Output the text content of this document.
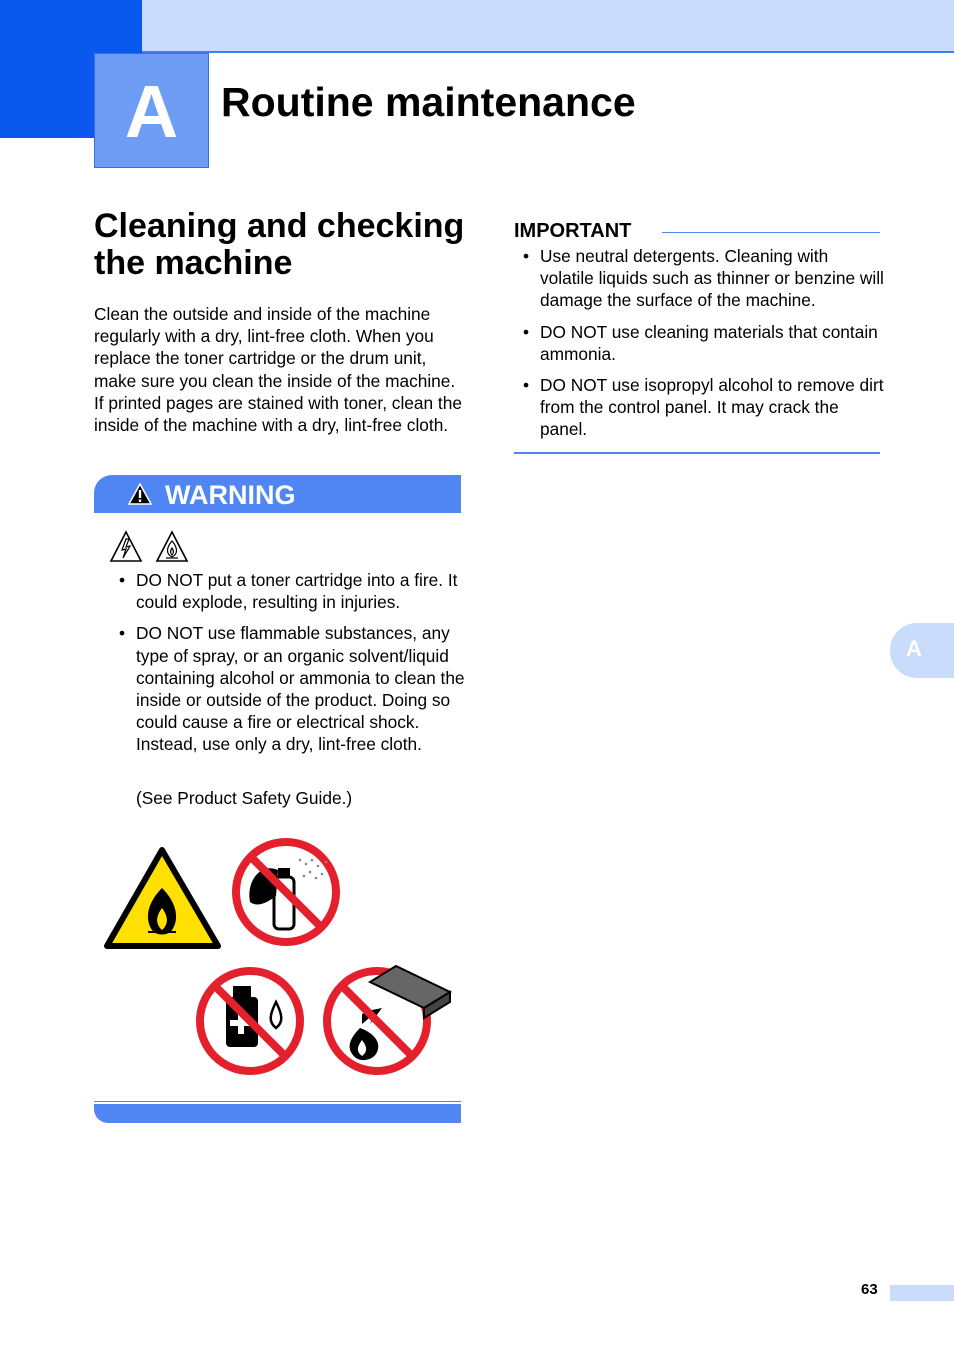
A	Routine maintenance
Cleaning and checking the machine

Clean the outside and inside of the machine regularly with a dry, lint-free cloth. When you replace the toner cartridge or the drum unit, make sure you clean the inside of the machine. If printed pages are stained with toner, clean the inside of the machine with a dry, lint-free cloth.

WARNING
• DO NOT put a toner cartridge into a fire. It could explode, resulting in injuries.
• DO NOT use flammable substances, any type of spray, or an organic solvent/liquid containing alcohol or ammonia to clean the inside or outside of the product. Doing so could cause a fire or electrical shock. Instead, use only a dry, lint-free cloth.

(See Product Safety Guide.)

IMPORTANT
• Use neutral detergents. Cleaning with volatile liquids such as thinner or benzine will damage the surface of the machine.
• DO NOT use cleaning materials that contain ammonia.
• DO NOT use isopropyl alcohol to remove dirt from the control panel. It may crack the panel.
A
63
